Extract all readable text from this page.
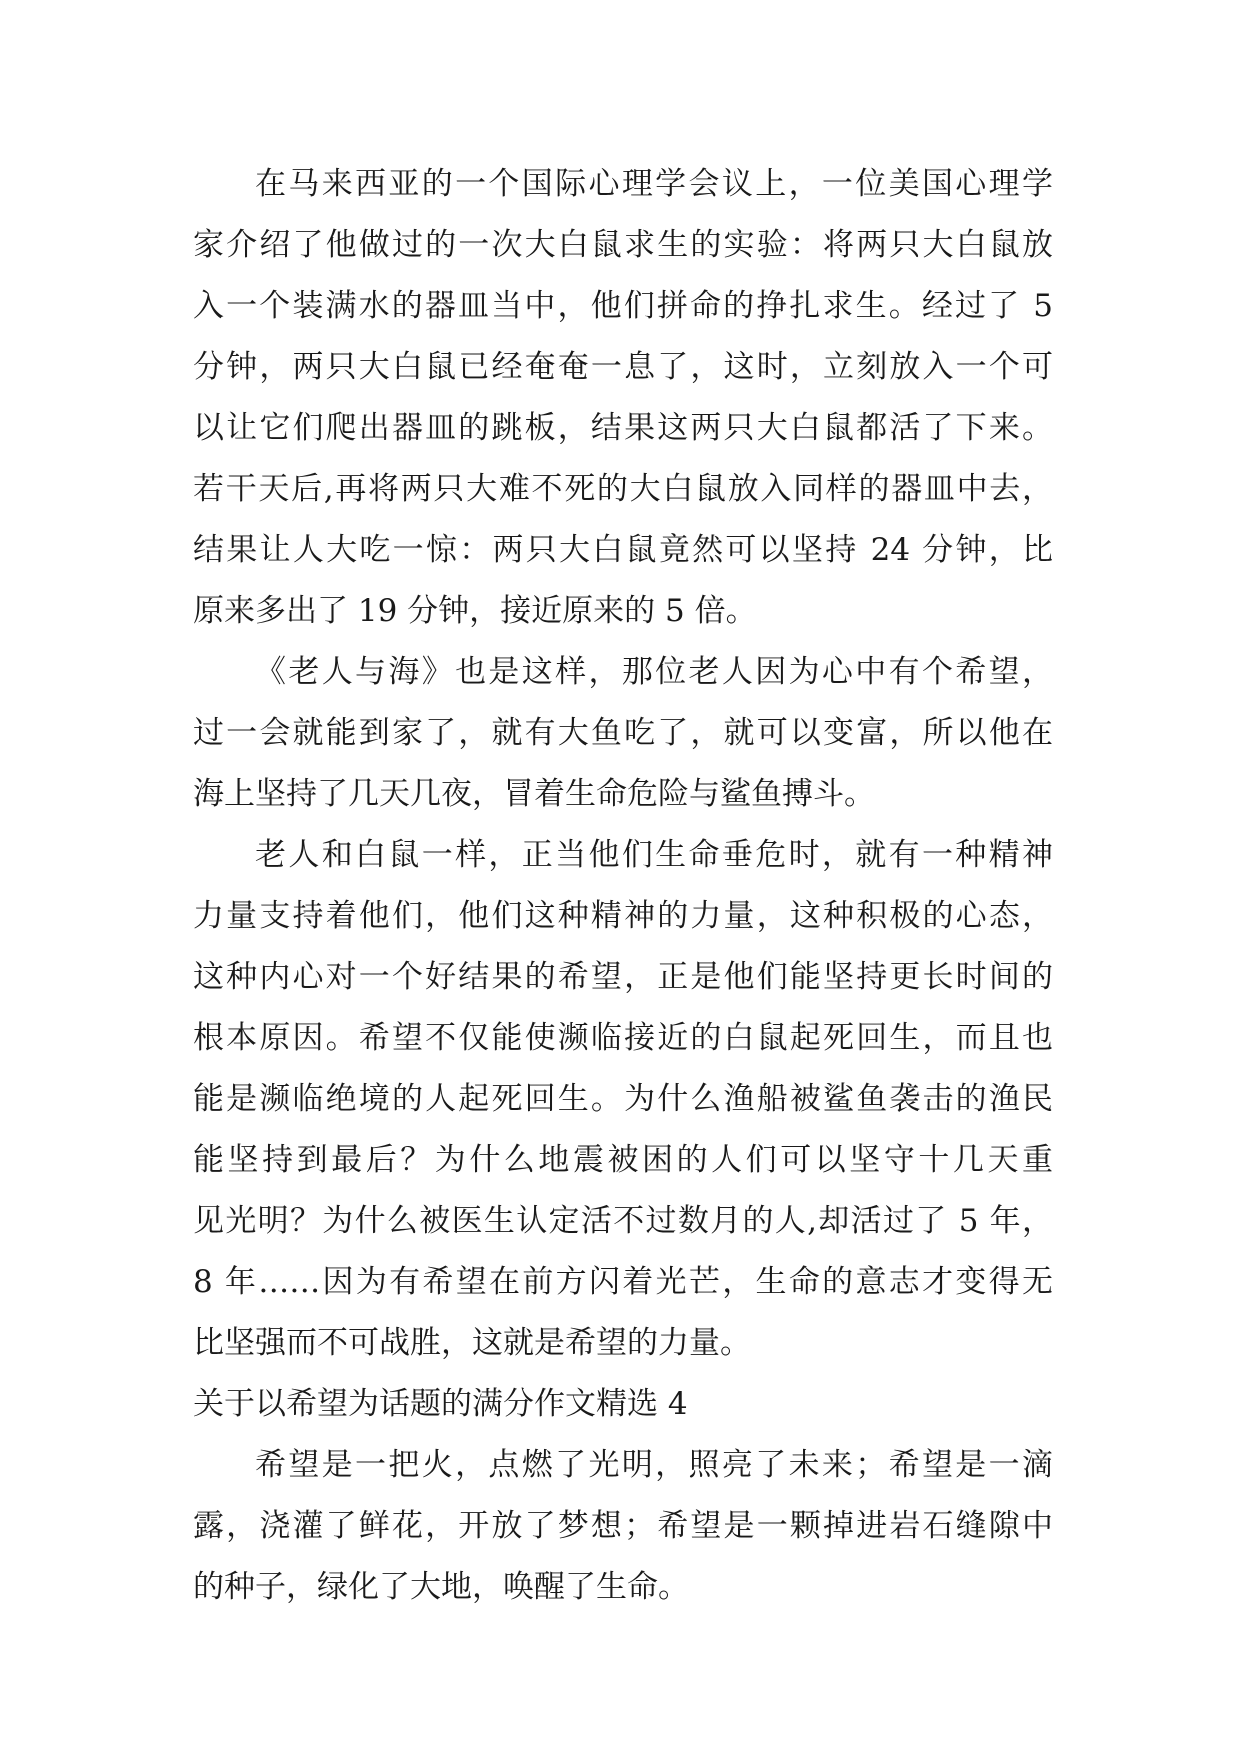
在马来西亚的一个国际心理学会议上，一位美国心理学
家介绍了他做过的一次大白鼠求生的实验：将两只大白鼠放
入一个装满水的器皿当中，他们拼命的挣扎求生。经过了 5
分钟，两只大白鼠已经奄奄一息了，这时，立刻放入一个可
以让它们爬出器皿的跳板，结果这两只大白鼠都活了下来。
若干天后,再将两只大难不死的大白鼠放入同样的器皿中去，
结果让人大吃一惊：两只大白鼠竟然可以坚持 24 分钟，比
原来多出了 19 分钟，接近原来的 5 倍。
《老人与海》也是这样，那位老人因为心中有个希望，
过一会就能到家了，就有大鱼吃了，就可以变富，所以他在
海上坚持了几天几夜，冒着生命危险与鲨鱼搏斗。
老人和白鼠一样，正当他们生命垂危时，就有一种精神
力量支持着他们，他们这种精神的力量，这种积极的心态，
这种内心对一个好结果的希望，正是他们能坚持更长时间的
根本原因。希望不仅能使濒临接近的白鼠起死回生，而且也
能是濒临绝境的人起死回生。为什么渔船被鲨鱼袭击的渔民
能坚持到最后？为什么地震被困的人们可以坚守十几天重
见光明？为什么被医生认定活不过数月的人,却活过了 5 年，
8 年……因为有希望在前方闪着光芒，生命的意志才变得无
比坚强而不可战胜，这就是希望的力量。
关于以希望为话题的满分作文精选 4
希望是一把火，点燃了光明，照亮了未来；希望是一滴
露，浇灌了鲜花，开放了梦想；希望是一颗掉进岩石缝隙中
的种子，绿化了大地，唤醒了生命。
